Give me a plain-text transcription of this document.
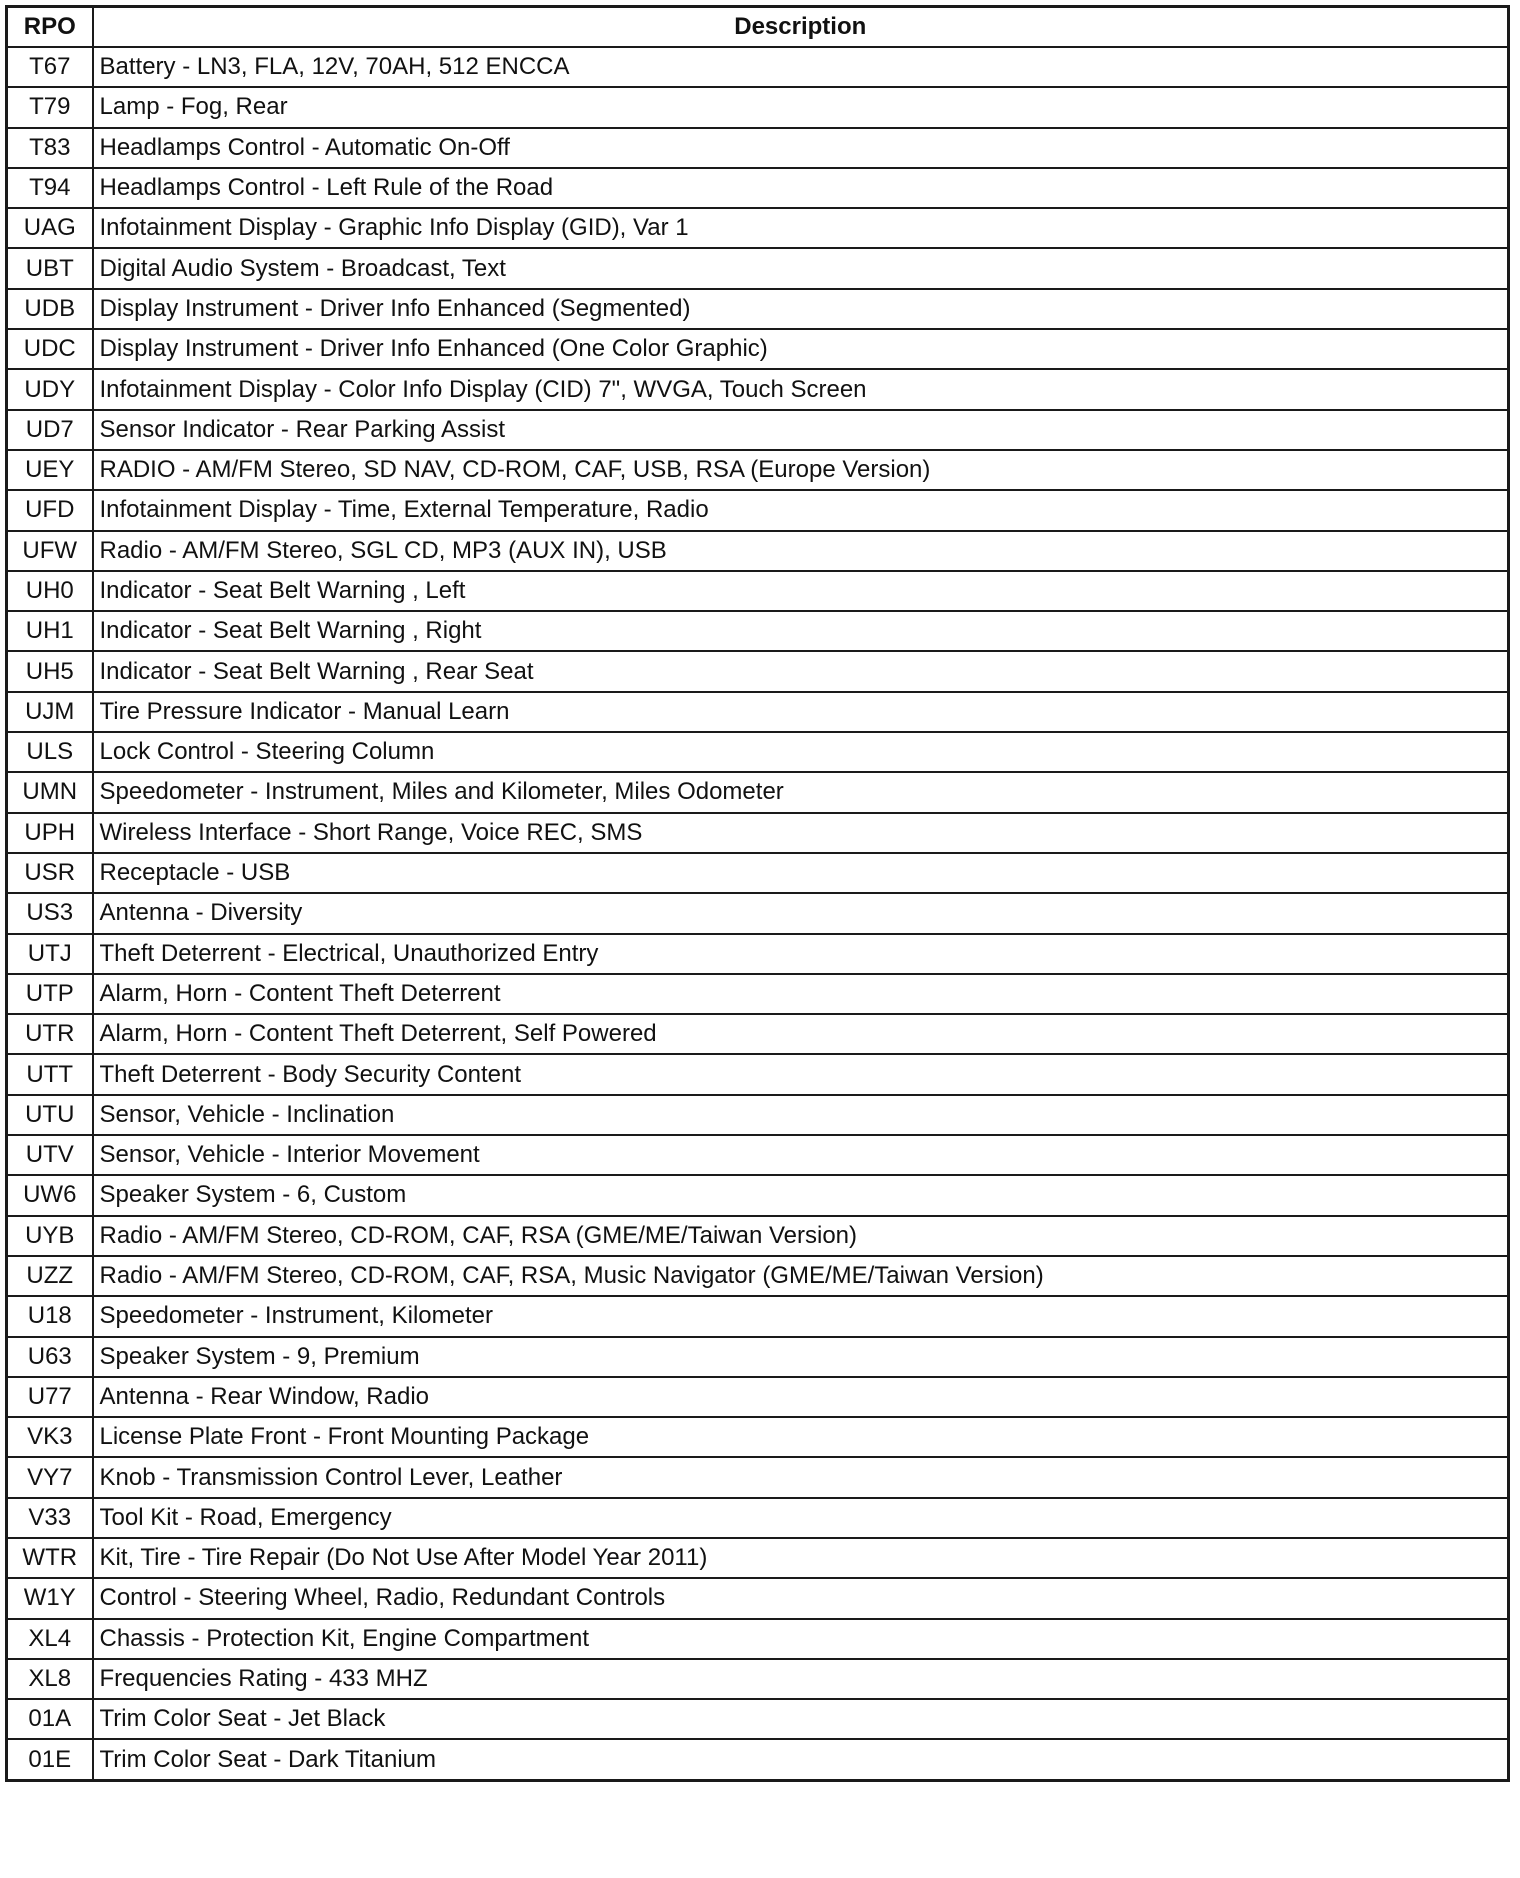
RPO	Description
T67	Battery - LN3, FLA, 12V, 70AH, 512 ENCCA
T79	Lamp - Fog, Rear
T83	Headlamps Control - Automatic On-Off
T94	Headlamps Control - Left Rule of the Road
UAG	Infotainment Display - Graphic Info Display (GID), Var 1
UBT	Digital Audio System - Broadcast, Text
UDB	Display Instrument - Driver Info Enhanced (Segmented)
UDC	Display Instrument - Driver Info Enhanced (One Color Graphic)
UDY	Infotainment Display - Color Info Display (CID) 7", WVGA, Touch Screen
UD7	Sensor Indicator - Rear Parking Assist
UEY	RADIO - AM/FM Stereo, SD NAV, CD-ROM, CAF, USB, RSA (Europe Version)
UFD	Infotainment Display - Time, External Temperature, Radio
UFW	Radio - AM/FM Stereo, SGL CD, MP3 (AUX IN), USB
UH0	Indicator - Seat Belt Warning , Left
UH1	Indicator - Seat Belt Warning , Right
UH5	Indicator - Seat Belt Warning , Rear Seat
UJM	Tire Pressure Indicator - Manual Learn
ULS	Lock Control - Steering Column
UMN	Speedometer - Instrument, Miles and Kilometer, Miles Odometer
UPH	Wireless Interface - Short Range, Voice REC, SMS
USR	Receptacle - USB
US3	Antenna - Diversity
UTJ	Theft Deterrent - Electrical, Unauthorized Entry
UTP	Alarm, Horn - Content Theft Deterrent
UTR	Alarm, Horn - Content Theft Deterrent, Self Powered
UTT	Theft Deterrent - Body Security Content
UTU	Sensor, Vehicle - Inclination
UTV	Sensor, Vehicle - Interior Movement
UW6	Speaker System - 6, Custom
UYB	Radio - AM/FM Stereo, CD-ROM, CAF, RSA (GME/ME/Taiwan Version)
UZZ	Radio - AM/FM Stereo, CD-ROM, CAF, RSA, Music Navigator (GME/ME/Taiwan Version)
U18	Speedometer - Instrument, Kilometer
U63	Speaker System - 9, Premium
U77	Antenna - Rear Window, Radio
VK3	License Plate Front - Front Mounting Package
VY7	Knob - Transmission Control Lever, Leather
V33	Tool Kit - Road, Emergency
WTR	Kit, Tire - Tire Repair (Do Not Use After Model Year 2011)
W1Y	Control - Steering Wheel, Radio, Redundant Controls
XL4	Chassis - Protection Kit, Engine Compartment
XL8	Frequencies Rating - 433 MHZ
01A	Trim Color Seat - Jet Black
01E	Trim Color Seat - Dark Titanium
